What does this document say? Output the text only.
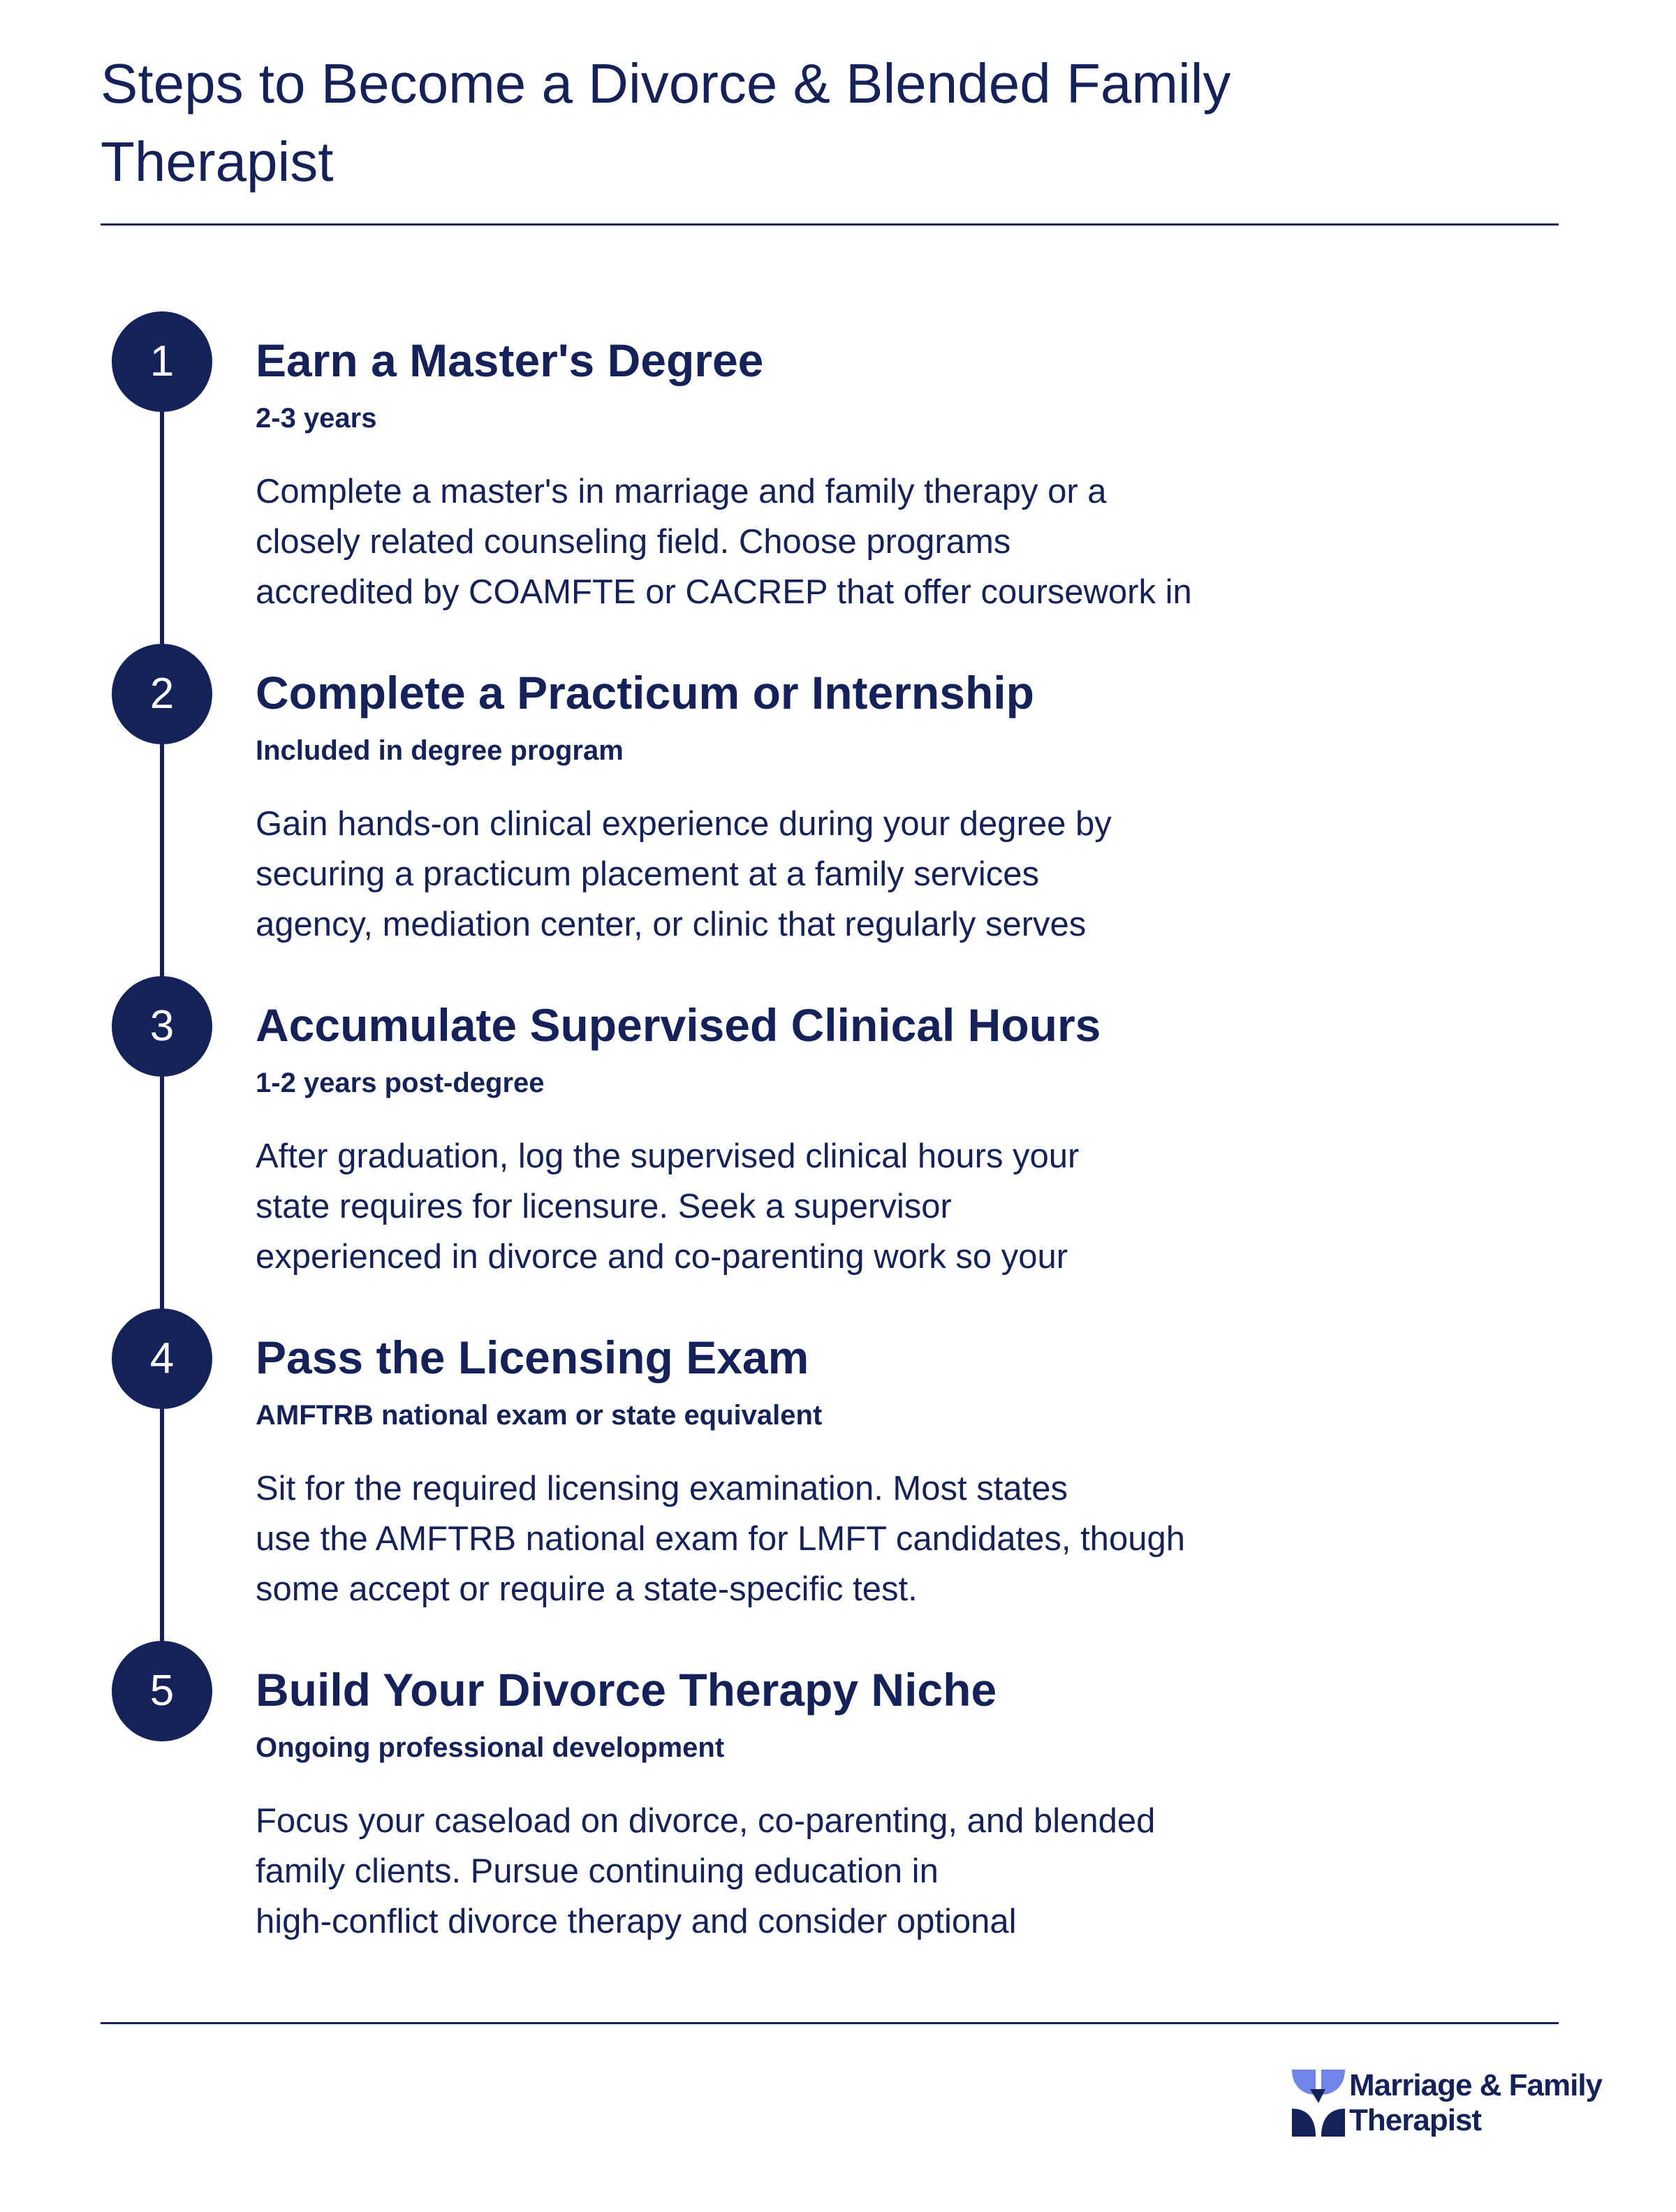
Steps to Become a Divorce & Blended Family
Therapist
1	Earn a Master's Degree

2-3 years

Complete a master's in marriage and family therapy or a
closely related counseling field. Choose programs
accredited by COAMFTE or CACREP that offer coursework in

2	Complete a Practicum or Internship

Included in degree program

Gain hands-on clinical experience during your degree by
securing a practicum placement at a family services
agency, mediation center, or clinic that regularly serves

3	Accumulate Supervised Clinical Hours

1-2 years post-degree

After graduation, log the supervised clinical hours your
state requires for licensure. Seek a supervisor
experienced in divorce and co-parenting work so your

4	Pass the Licensing Exam

AMFTRB national exam or state equivalent

Sit for the required licensing examination. Most states
use the AMFTRB national exam for LMFT candidates, though
some accept or require a state-specific test.

5	Build Your Divorce Therapy Niche

Ongoing professional development

Focus your caseload on divorce, co-parenting, and blended
family clients. Pursue continuing education in
high-conflict divorce therapy and consider optional

Marriage & Family
Therapist
